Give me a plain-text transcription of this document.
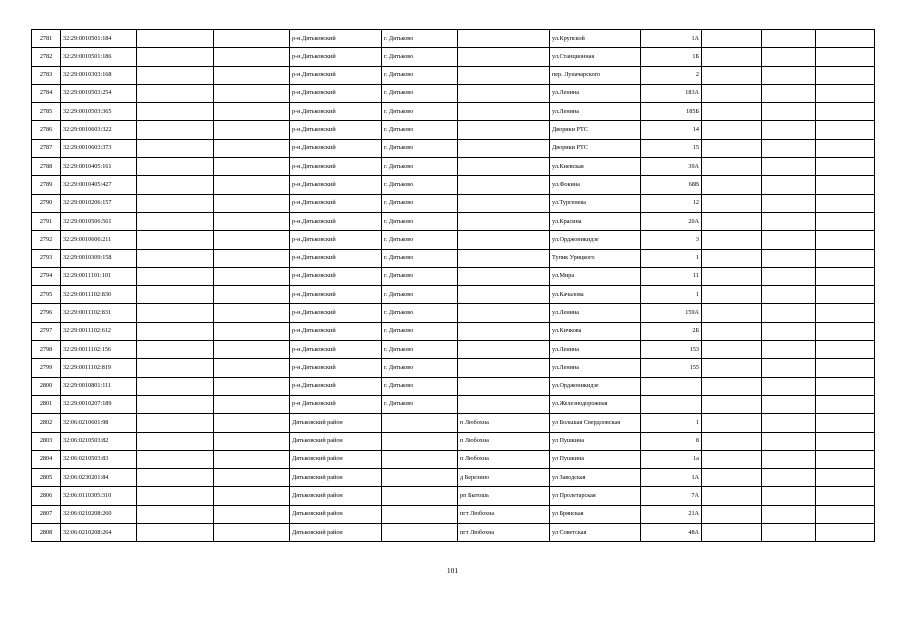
2781	32:29:0010501:184			р-н.Дятьковский	г. Дятьково		ул.Крупской	1А			
2782	32:29:0010501:186			р-н.Дятьковский	г. Дятьково		ул.Станционная	1Б			
2783	32:29:0010303:168			р-н.Дятьковский	г. Дятьково		пер. Луначарского	2			
2784	32:29:0010503:254			р-н.Дятьковский	г. Дятьково		ул.Ленина	183А			
2785	32:29:0010503:365			р-н.Дятьковский	г. Дятьково		ул.Ленина	185Б			
2786	32:29:0010603:322			р-н.Дятьковский	г. Дятьково		Дворики РТС	14			
2787	32:29:0010603:373			р-н.Дятьковский	г. Дятьково		Дворики РТС	15			
2788	32:29:0010405:161			р-н.Дятьковский	г. Дятьково		ул.Киевская	39А			
2789	32:29:0010405:427			р-н.Дятьковский	г. Дятьково		ул.Фокина	68В			
2790	32:29:0010206:157			р-н.Дятьковский	г. Дятьково		ул.Тургенева	12			
2791	32:29:0010506:561			р-н.Дятьковский	г. Дятьково		ул.Красина	20А			
2792	32:29:0010606:211			р-н.Дятьковский	г. Дятьково		ул.Орджоникидзе	3			
2793	32:29:0010309:158			р-н.Дятьковский	г. Дятьково		Тупик Урицкого	1			
2794	32:29:0011101:101			р-н.Дятьковский	г. Дятьково		ул.Мира	11			
2795	32:29:0011102:830			р-н.Дятьковский	г. Дятьково		ул.Качалова	1			
2796	32:29:0011102:831			р-н.Дятьковский	г. Дятьково		ул.Ленина	159А			
2797	32:29:0011102:612			р-н.Дятьковский	г. Дятьково		ул.Кичкова	2Б			
2798	32:29:0011102:156			р-н.Дятьковский	г. Дятьково		ул.Ленина	153			
2799	32:29:0011102:819			р-н.Дятьковский	г. Дятьково		ул.Ленина	155			
2800	32:29:0010801:111			р-н.Дятьковский	г. Дятьково		ул.Орджоникидзе				
2801	32:29:0010207:189			р-н Дятьковский	г. Дятьково		ул.Железнодорожная				
2802	32:06:0210601:98			Дятьковский район		п Любохна	ул Большая Свердловская	1			
2803	32:06:0210503:82			Дятьковский район		п Любохна	ул Пушкина	8			
2804	32:06:0210503:83			Дятьковский район		п Любохна	ул Пушкина	1а			
2805	32:06:0230201:84			Дятьковский район		д Березино	ул Заводская	1А			
2806	32:06:0110305:310			Дятьковский район		рп Бытошь	ул Пролетарская	7А			
2807	32:06:0210208:260			Дятьковский район		пгт Любохна	ул Брянская	21А			
2808	32:06:0210208:264			Дятьковский район		пгт Любохна	ул Советская	48А			
101
